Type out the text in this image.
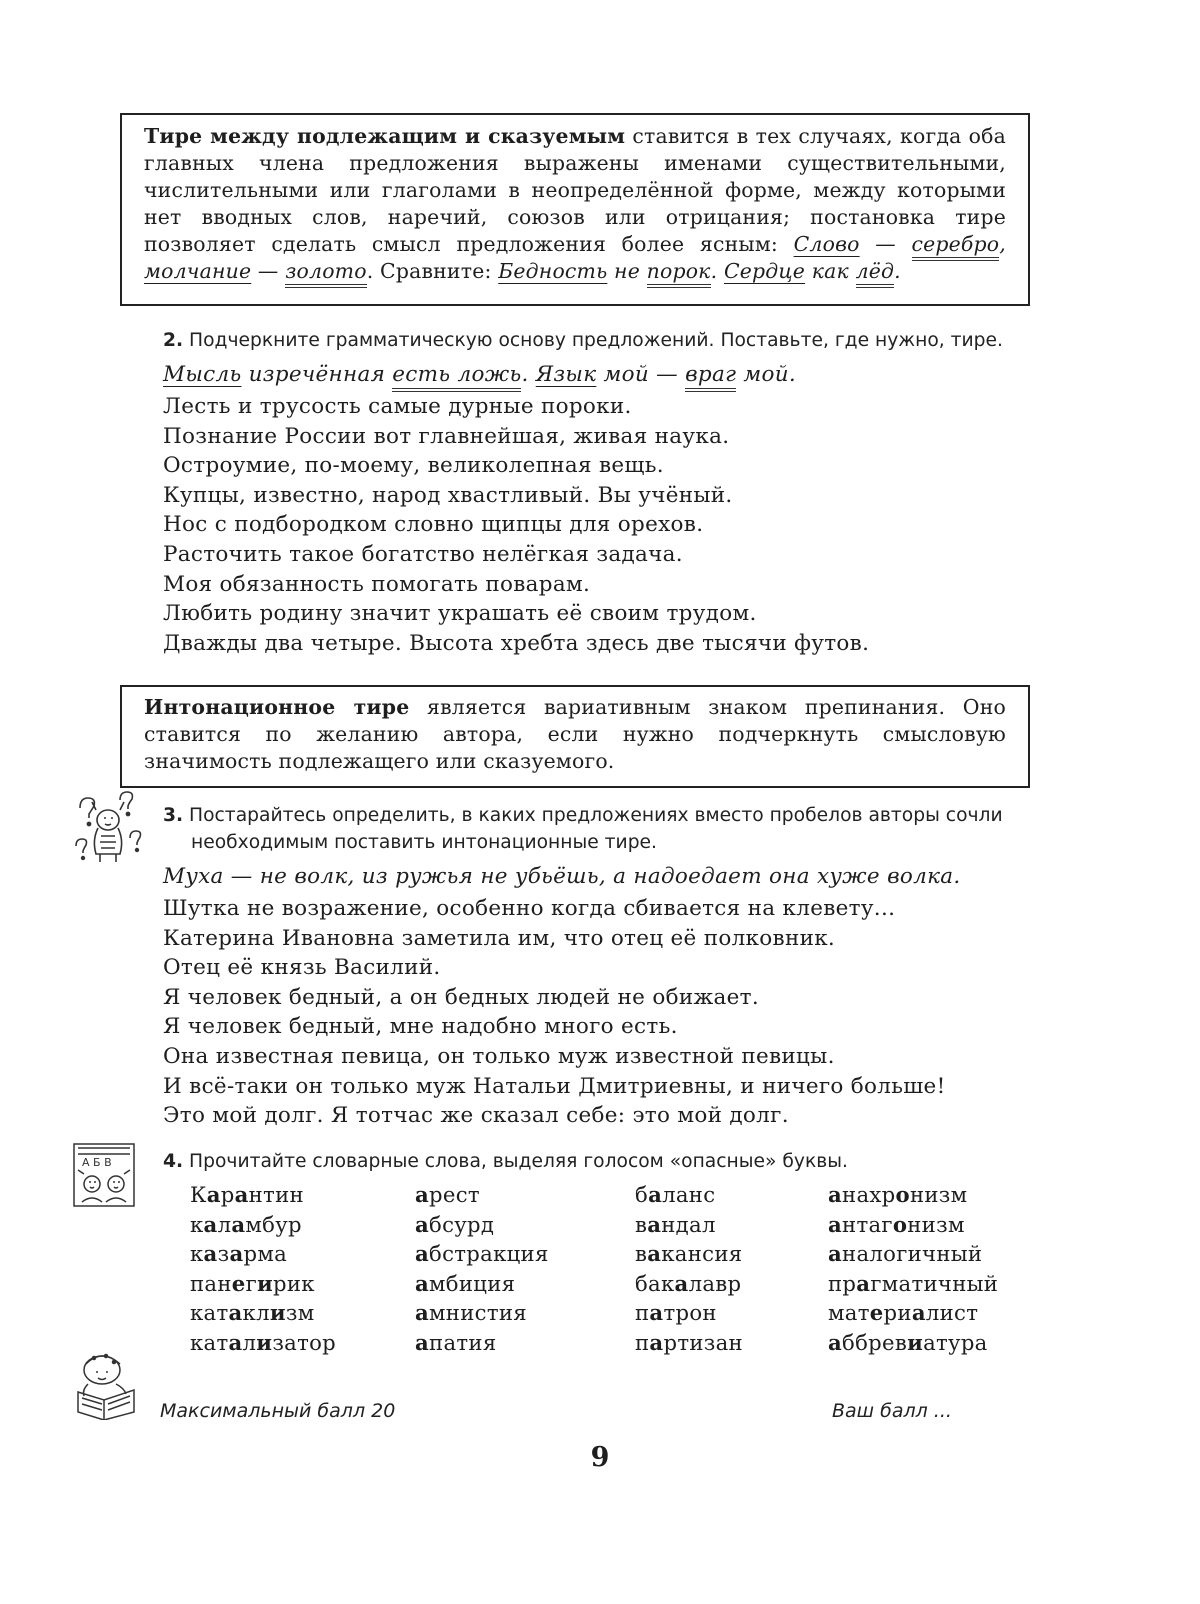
Тире между подлежащим и сказуемым ставится в тех случаях, когда оба главных члена предложения выражены именами существительными, числительными или глаголами в неопределённой форме, между которыми нет вводных слов, наречий, союзов или отрицания; постановка тире позволяет сделать смысл предложения более ясным: Слово — серебро, молчание — золото. Сравните: Бедность не порок. Сердце как лёд.

2. Подчеркните грамматическую основу предложений. Поставьте, где нужно, тире.

Мысль изречённая есть ложь. Язык мой — враг мой.

Лесть и трусость самые дурные пороки.
Познание России вот главнейшая, живая наука.
Остроумие, по-моему, великолепная вещь.
Купцы, известно, народ хвастливый. Вы учёный.
Нос с подбородком словно щипцы для орехов.
Расточить такое богатство нелёгкая задача.
Моя обязанность помогать поварам.
Любить родину значит украшать её своим трудом.
Дважды два четыре. Высота хребта здесь две тысячи футов.

Интонационное тире является вариативным знаком препинания. Оно ставится по желанию автора, если нужно подчеркнуть смысловую значимость подлежащего или сказуемого.

3. Постарайтесь определить, в каких предложениях вместо пробелов авторы сочли
необходимым поставить интонационные тире.

Муха — не волк, из ружья не убьёшь, а надоедает она хуже волка.

Шутка не возражение, особенно когда сбивается на клевету...
Катерина Ивановна заметила им, что отец её полковник.
Отец её князь Василий.
Я человек бедный, а он бедных людей не обижает.
Я человек бедный, мне надобно много есть.
Она известная певица, он только муж известной певицы.
И всё-таки он только муж Натальи Дмитриевны, и ничего больше!
Это мой долг. Я тотчас же сказал себе: это мой долг.
А Б В	4. Прочитайте словарные слова, выделяя голосом «опасные» буквы.

Карантин
каламбур
казарма
панегирик
катаклизм
катализатор
арест
абсурд
абстракция
амбиция
амнистия
апатия
баланс
вандал
вакансия
бакалавр
патрон
партизан
анахронизм
антагонизм
аналогичный
прагматичный
материалист
аббревиатура
Максимальный балл 20	Ваш балл ...
9
